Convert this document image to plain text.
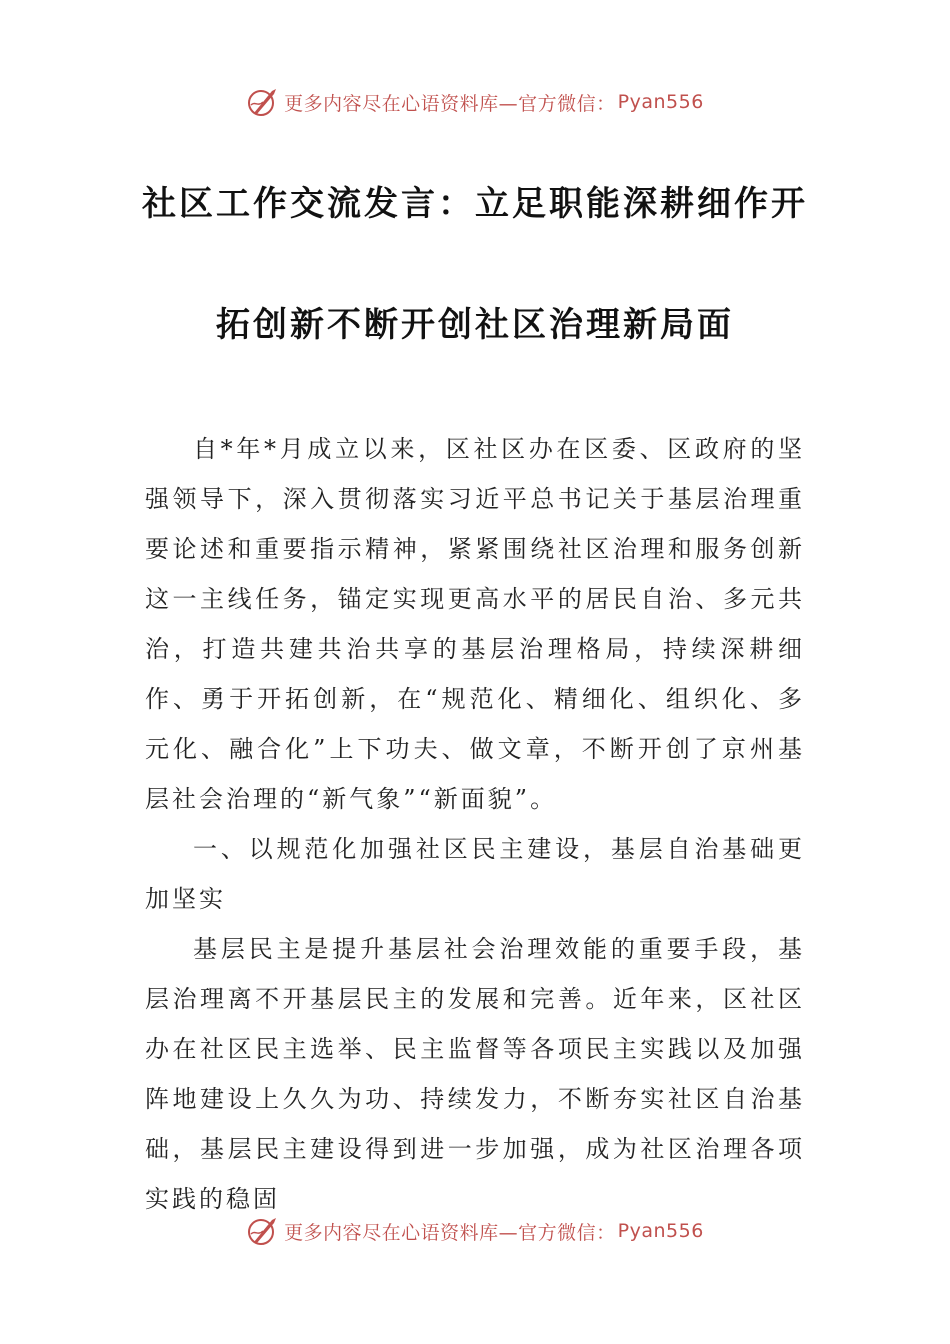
更多内容尽在心语资料库—官方微信： Pyan556
社区工作交流发言：立足职能深耕细作开
拓创新不断开创社区治理新局面

自*年*月成立以来，区社区办在区委、区政府的坚强领导下，深入贯彻落实习近平总书记关于基层治理重要论述和重要指示精神，紧紧围绕社区治理和服务创新这一主线任务，锚定实现更高水平的居民自治、多元共治，打造共建共治共享的基层治理格局，持续深耕细作、勇于开拓创新，在“规范化、精细化、组织化、多元化、融合化”上下功夫、做文章，不断开创了京州基层社会治理的“新气象”“新面貌”。

一、以规范化加强社区民主建设，基层自治基础更加坚实

基层民主是提升基层社会治理效能的重要手段，基层治理离不开基层民主的发展和完善。近年来，区社区办在社区民主选举、民主监督等各项民主实践以及加强阵地建设上久久为功、持续发力，不断夯实社区自治基础，基层民主建设得到进一步加强，成为社区治理各项实践的稳固

更多内容尽在心语资料库—官方微信： Pyan556
